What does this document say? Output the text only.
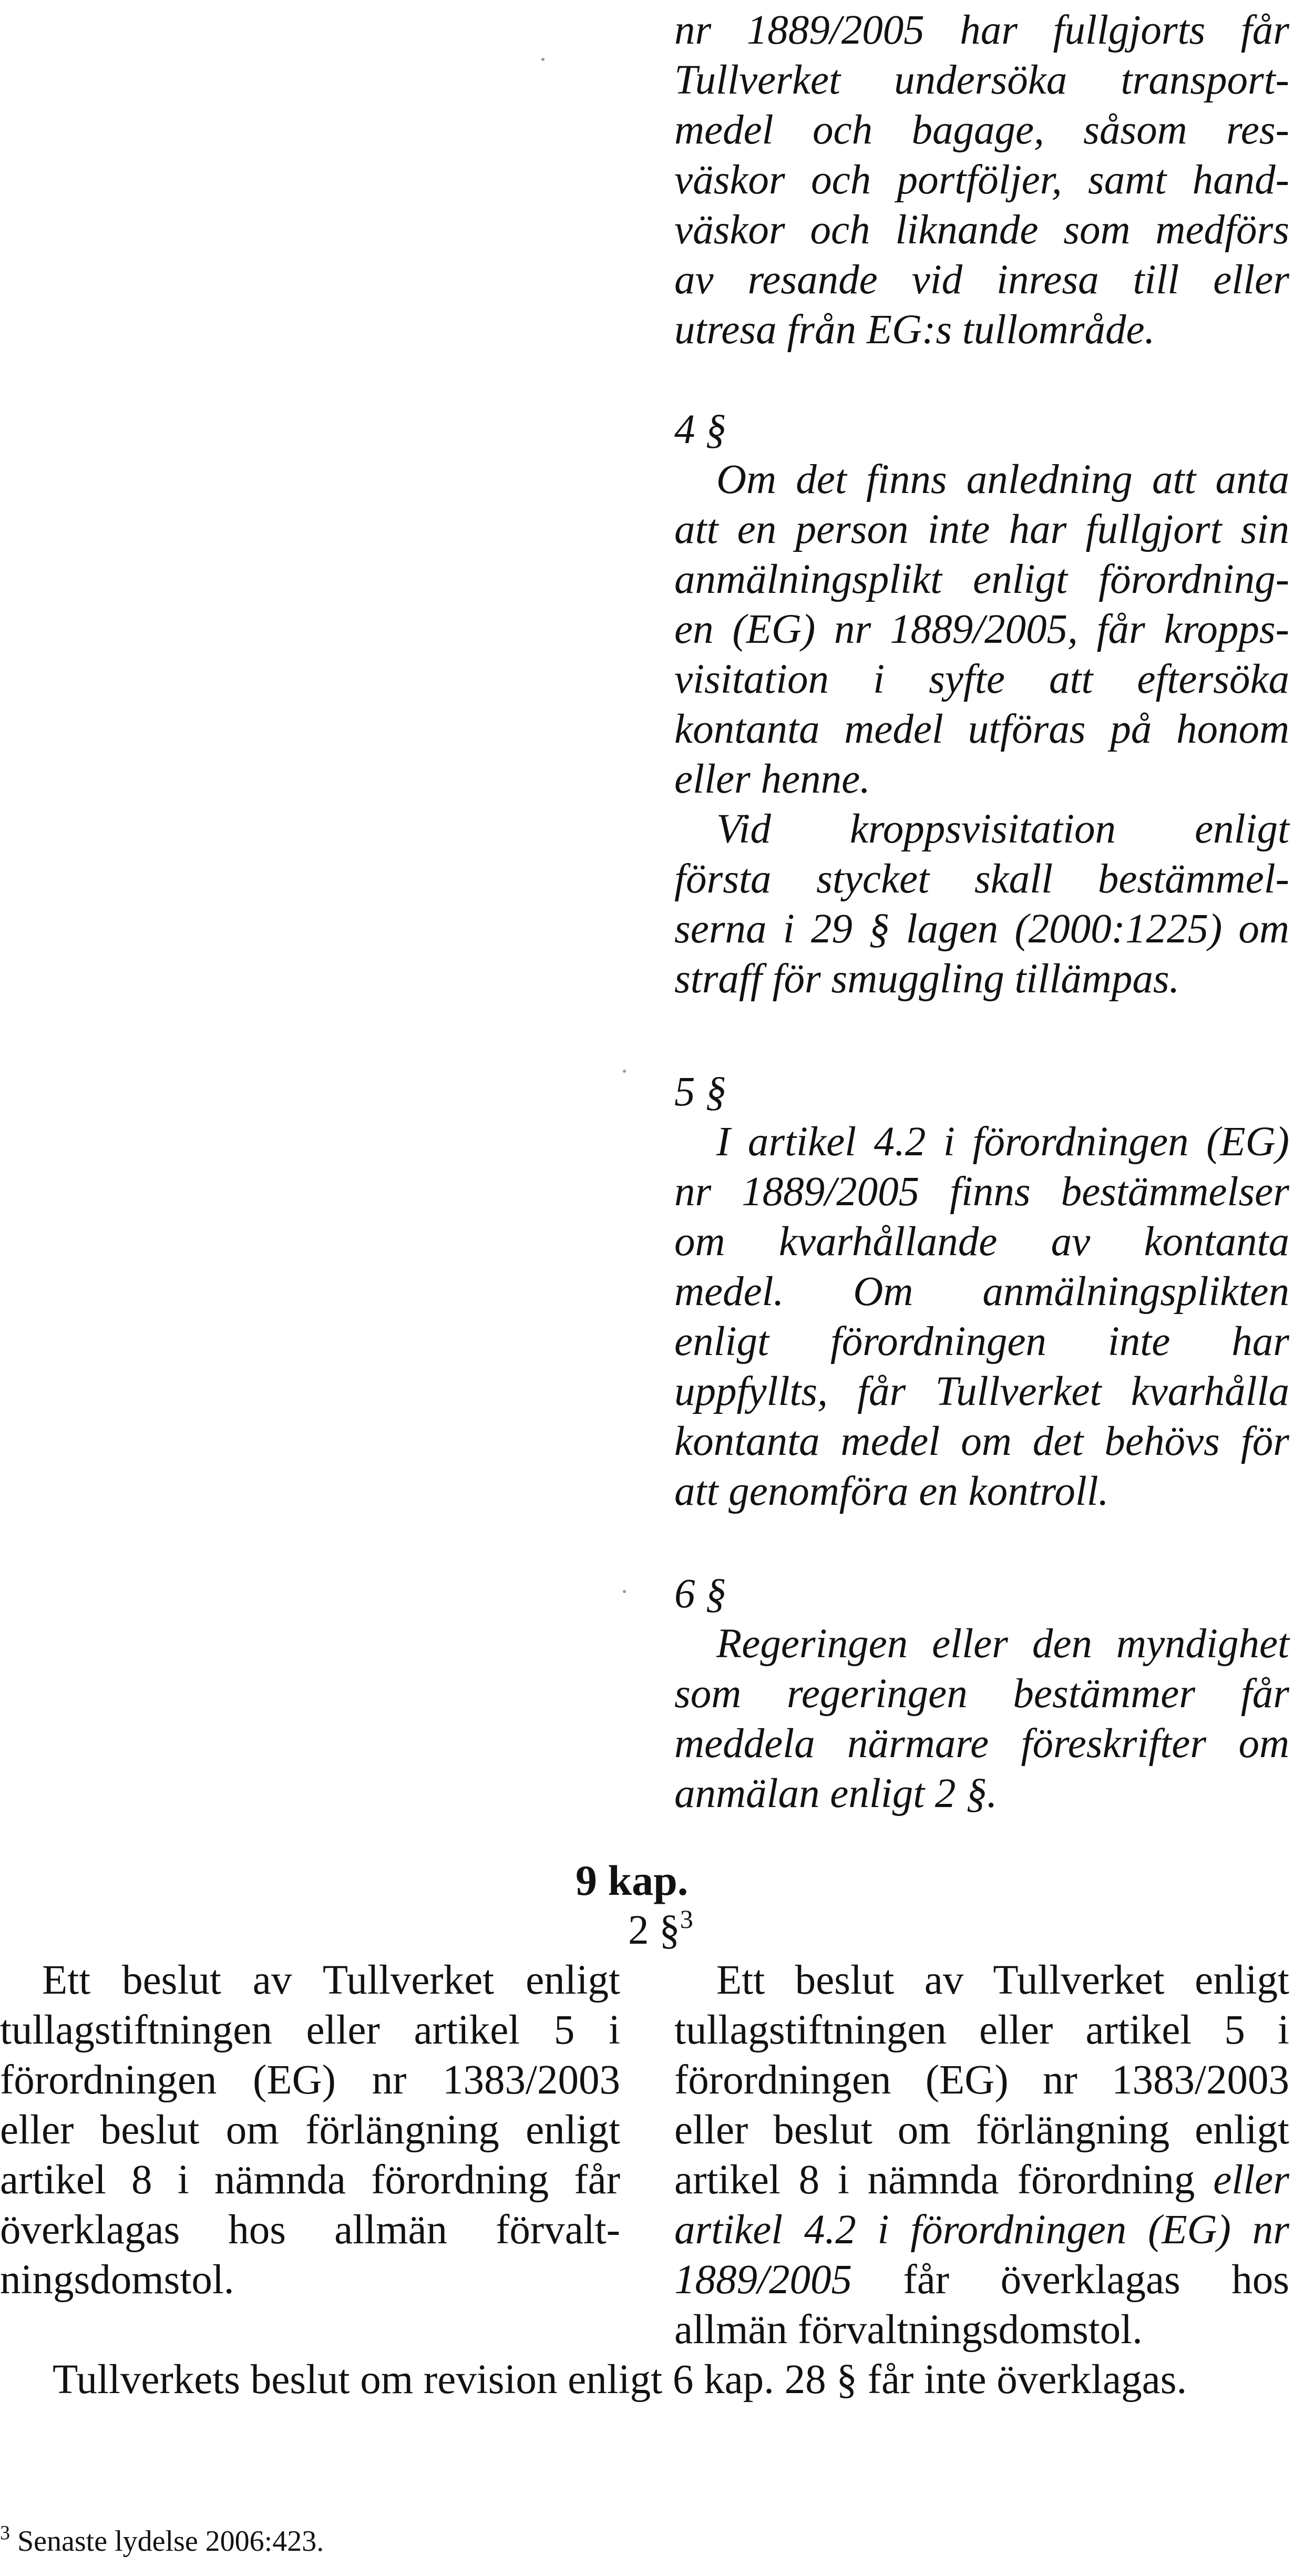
nr 1889/2005 har fullgjorts får
Tullverket undersöka transport-
medel och bagage, såsom res-
väskor och portföljer, samt hand-
väskor och liknande som medförs
av resande vid inresa till eller
utresa från EG:s tullområde.
4 §
Om det finns anledning att anta
att en person inte har fullgjort sin
anmälningsplikt enligt förordning-
en (EG) nr 1889/2005, får kropps-
visitation i syfte att eftersöka
kontanta medel utföras på honom
eller henne.
Vid kroppsvisitation enligt
första stycket skall bestämmel-
serna i 29 § lagen (2000:1225) om
straff för smuggling tillämpas.
5 §
I artikel 4.2 i förordningen (EG)
nr 1889/2005 finns bestämmelser
om kvarhållande av kontanta
medel. Om anmälningsplikten
enligt förordningen inte har
uppfyllts, får Tullverket kvarhålla
kontanta medel om det behövs för
att genomföra en kontroll.
6 §
Regeringen eller den myndighet
som regeringen bestämmer får
meddela närmare föreskrifter om
anmälan enligt 2 §.
9 kap.
2 §$^3$
Ett beslut av Tullverket enligt
tullagstiftningen eller artikel 5 i
förordningen (EG) nr 1383/2003
eller beslut om förlängning enligt
artikel 8 i nämnda förordning får
överklagas hos allmän förvalt-
ningsdomstol.
Ett beslut av Tullverket enligt
tullagstiftningen eller artikel 5 i
förordningen (EG) nr 1383/2003
eller beslut om förlängning enligt
artikel 8 i nämnda förordning eller
artikel 4.2 i förordningen (EG) nr
1889/2005 får överklagas hos
allmän förvaltningsdomstol.
Tullverkets beslut om revision enligt 6 kap. 28 § får inte överklagas.
$^3$ Senaste lydelse 2006:423.
